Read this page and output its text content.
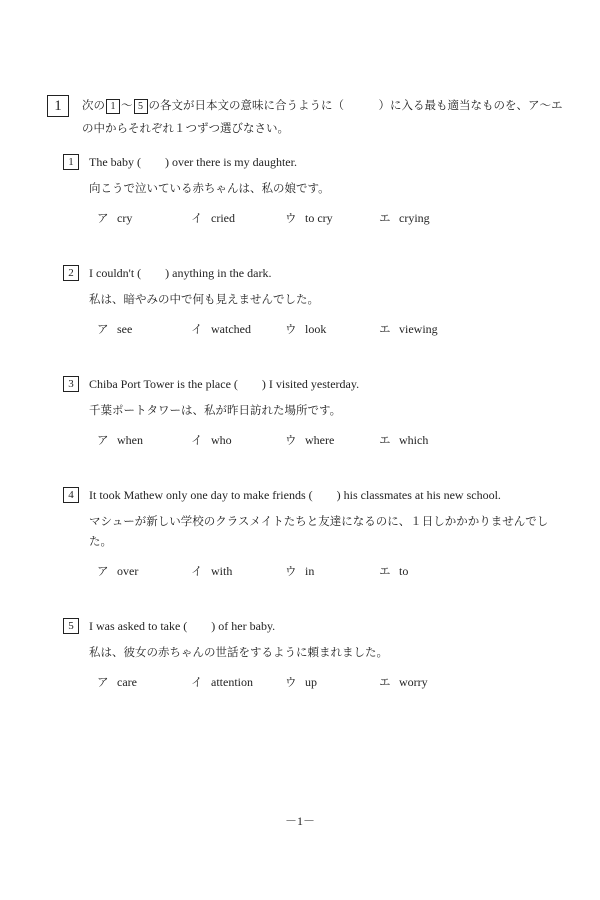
1	次の 1 ～ 5 の各文が日本文の意味に合うように（　　　）に入る最も適当なものを、ア～エ
の中からそれぞれ１つずつ選びなさい。
1	The baby (　　) over there is my daughter.
向こうで泣いている赤ちゃんは、私の娘です。
ア cry	イ cried	ウ to cry	エ crying
2	I couldn't (　　) anything in the dark.
私は、暗やみの中で何も見えませんでした。
ア see	イ watched	ウ look	エ viewing
3	Chiba Port Tower is the place (　　) I visited yesterday.
千葉ポートタワーは、私が昨日訪れた場所です。
ア when	イ who	ウ where	エ which
4	It took Mathew only one day to make friends (　　) his classmates at his new school.
マシューが新しい学校のクラスメイトたちと友達になるのに、１日しかかかりませんでした。
ア over	イ with	ウ in	エ to
5	I was asked to take (　　) of her baby.
私は、彼女の赤ちゃんの世話をするように頼まれました。
ア care	イ attention	ウ up	エ worry
－1－
